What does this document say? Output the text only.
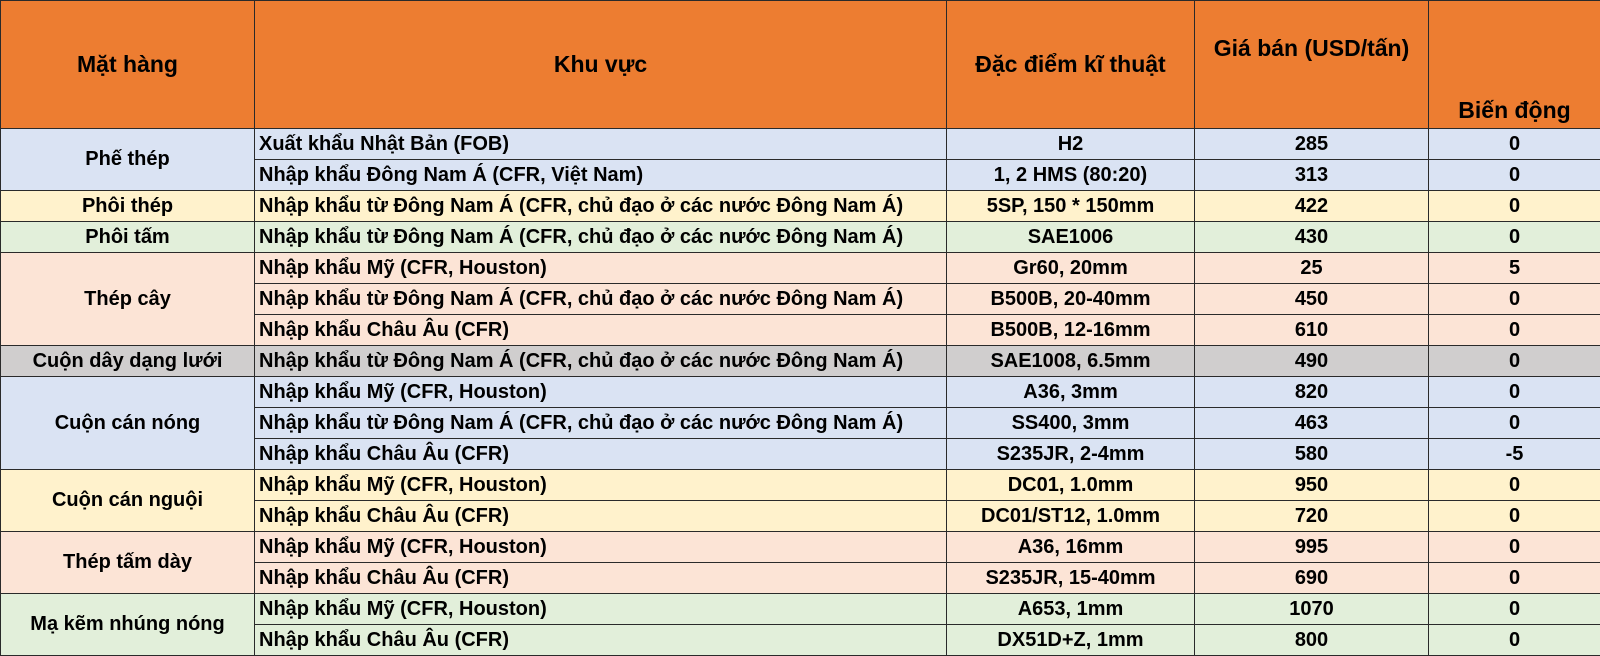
Mặt hàng	Khu vực	Đặc điểm kĩ thuật	Giá bán (USD/tấn)	Biến động
Phế thép	Xuất khẩu Nhật Bản (FOB)	H2	285	0
	Nhập khẩu Đông Nam Á (CFR, Việt Nam)	1, 2 HMS (80:20)	313	0
Phôi thép	Nhập khẩu từ Đông Nam Á (CFR, chủ đạo ở các nước Đông Nam Á)	5SP, 150 * 150mm	422	0
Phôi tấm	Nhập khẩu từ Đông Nam Á (CFR, chủ đạo ở các nước Đông Nam Á)	SAE1006	430	0
Thép cây	Nhập khẩu Mỹ (CFR, Houston)	Gr60, 20mm	25	5
	Nhập khẩu từ Đông Nam Á (CFR, chủ đạo ở các nước Đông Nam Á)	B500B, 20-40mm	450	0
	Nhập khẩu Châu Âu (CFR)	B500B, 12-16mm	610	0
Cuộn dây dạng lưới	Nhập khẩu từ Đông Nam Á (CFR, chủ đạo ở các nước Đông Nam Á)	SAE1008, 6.5mm	490	0
Cuộn cán nóng	Nhập khẩu Mỹ (CFR, Houston)	A36, 3mm	820	0
	Nhập khẩu từ Đông Nam Á (CFR, chủ đạo ở các nước Đông Nam Á)	SS400, 3mm	463	0
	Nhập khẩu Châu Âu (CFR)	S235JR, 2-4mm	580	-5
Cuộn cán nguội	Nhập khẩu Mỹ (CFR, Houston)	DC01, 1.0mm	950	0
	Nhập khẩu Châu Âu (CFR)	DC01/ST12, 1.0mm	720	0
Thép tấm dày	Nhập khẩu Mỹ (CFR, Houston)	A36, 16mm	995	0
	Nhập khẩu Châu Âu (CFR)	S235JR, 15-40mm	690	0
Mạ kẽm nhúng nóng	Nhập khẩu Mỹ (CFR, Houston)	A653, 1mm	1070	0
	Nhập khẩu Châu Âu (CFR)	DX51D+Z, 1mm	800	0
